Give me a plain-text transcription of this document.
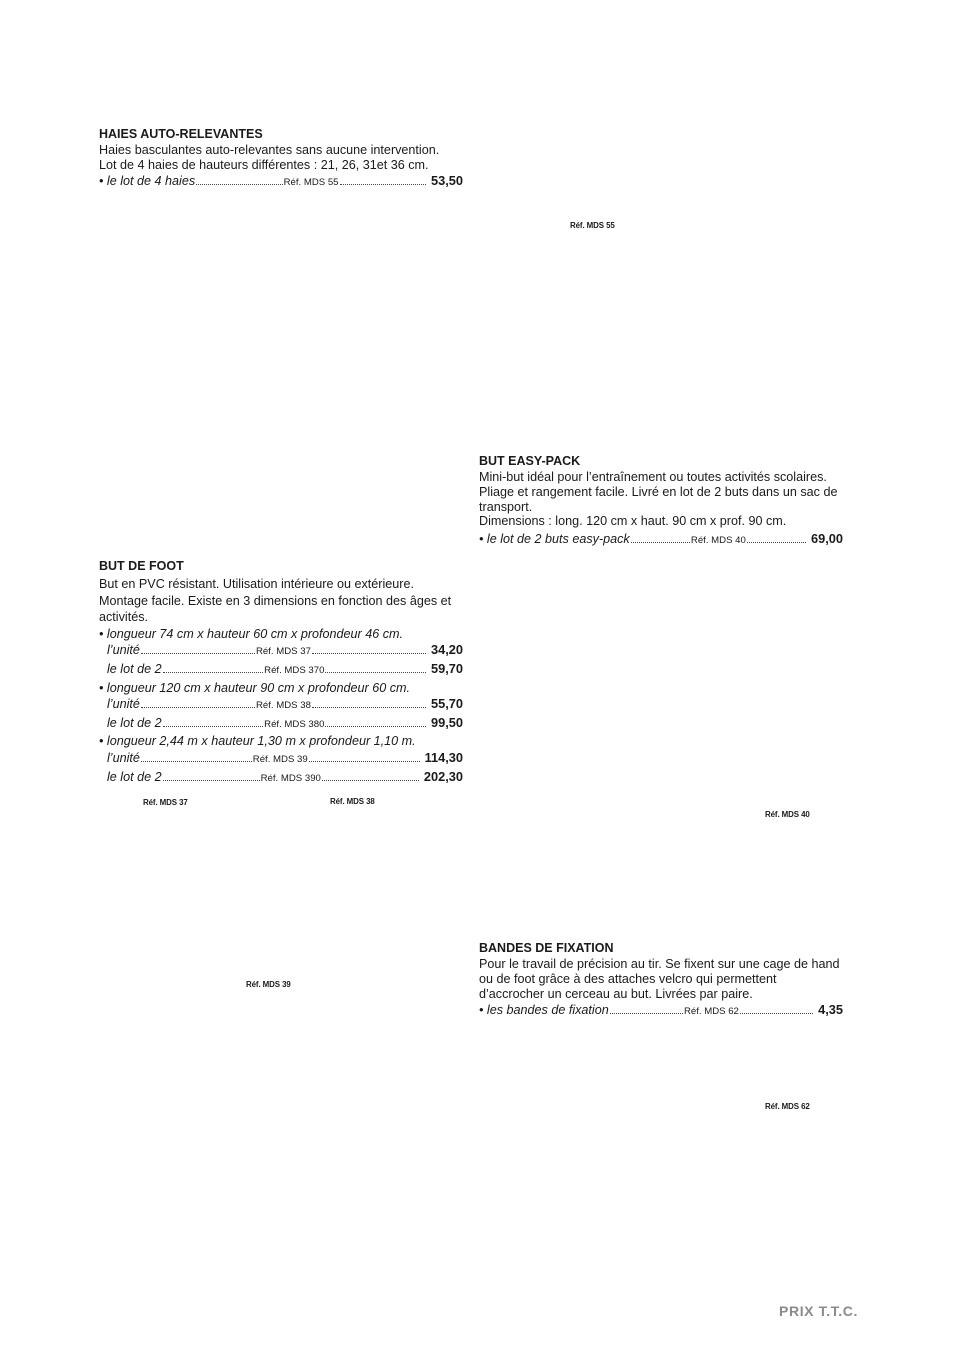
HAIES AUTO-RELEVANTES
Haies basculantes auto-relevantes sans aucune intervention.
Lot de 4 haies de hauteurs différentes : 21, 26, 31et 36 cm.
• le lot de 4 haies	Réf. MDS 55	53,50
Réf. MDS 55
BUT EASY-PACK
Mini-but idéal pour l’entraînement ou toutes activités scolaires. Pliage et rangement facile. Livré en lot de 2 buts dans un sac de transport.
Dimensions : long. 120 cm x haut. 90 cm x prof. 90 cm.
• le lot de 2 buts easy-pack	Réf. MDS 40	69,00
Réf. MDS 40
BUT DE FOOT
But en PVC résistant. Utilisation intérieure ou extérieure. Montage facile. Existe en 3 dimensions en fonction des âges et activités.
• longueur 74 cm x hauteur 60 cm x profondeur 46 cm.
l’unité	Réf. MDS 37	34,20
le lot de 2	Réf. MDS 370	59,70
• longueur 120 cm x hauteur 90 cm x profondeur 60 cm.
l’unité	Réf. MDS 38	55,70
le lot de 2	Réf. MDS 380	99,50
• longueur 2,44 m x hauteur 1,30 m x profondeur 1,10 m.
l’unité	Réf. MDS 39	114,30
le lot de 2	Réf. MDS 390	202,30
Réf. MDS 37	Réf. MDS 38
Réf. MDS 39
BANDES DE FIXATION
Pour le travail de précision au tir. Se fixent sur une cage de hand ou de foot grâce à des attaches velcro qui permettent d’accrocher un cerceau au but. Livrées par paire.
• les bandes de fixation	Réf. MDS 62	4,35
Réf. MDS 62
PRIX T.T.C.
